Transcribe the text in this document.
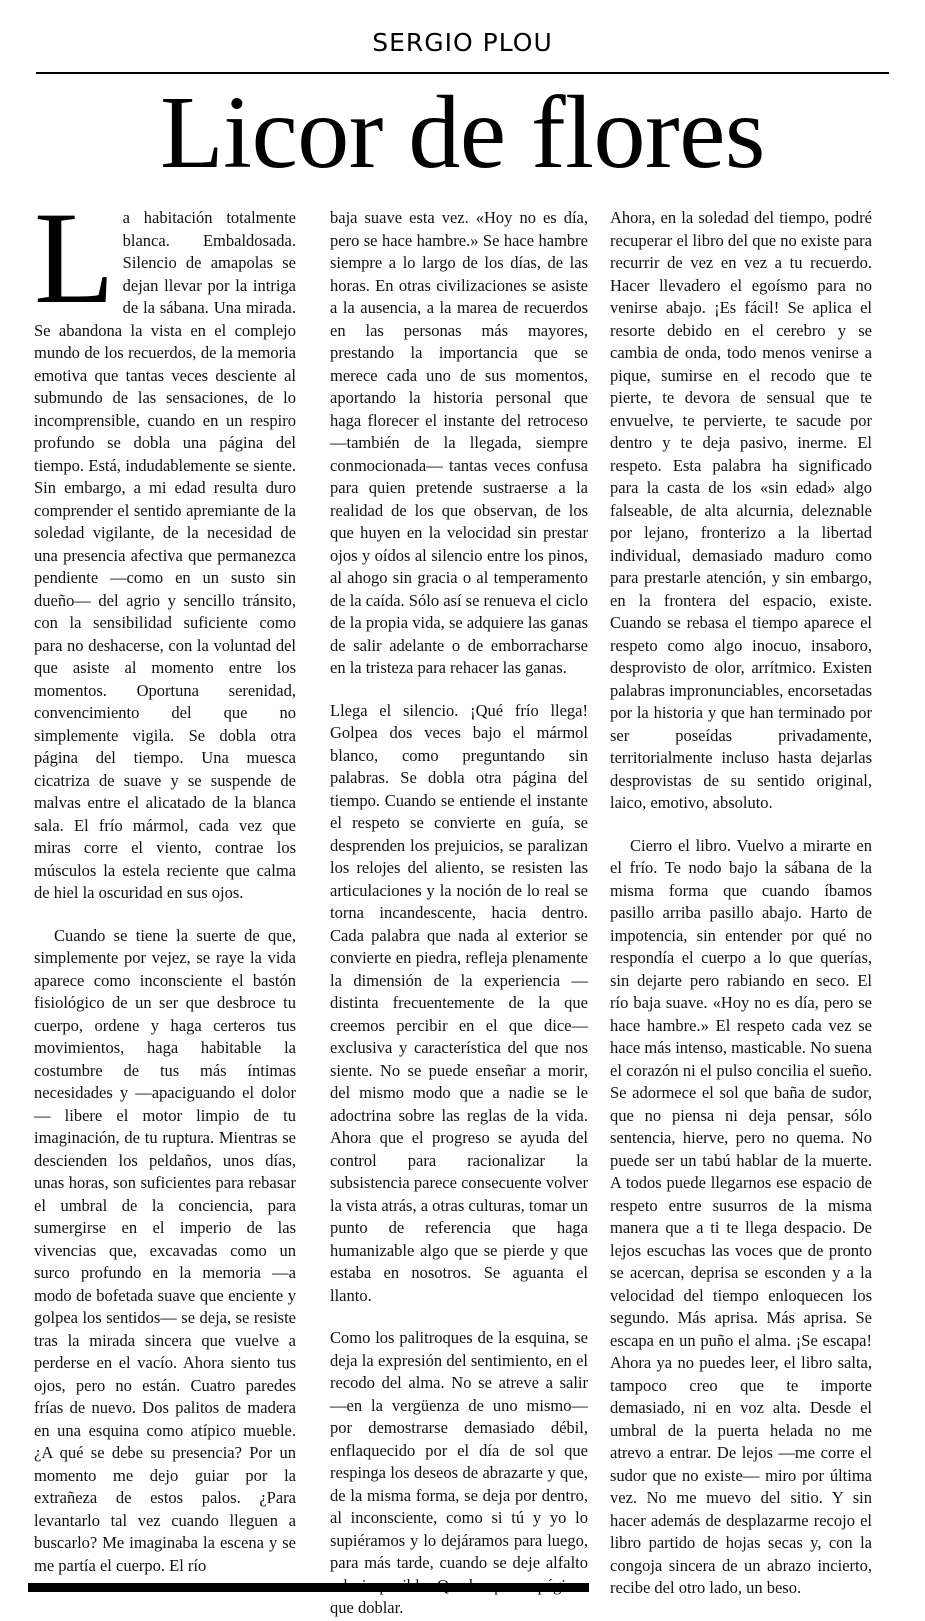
SERGIO PLOU
Licor de flores

La habitación totalmente blanca. Embaldosada. Silencio de amapolas se dejan llevar por la intriga de la sábana. Una mirada. Se abandona la vista en el complejo mundo de los recuerdos, de la memoria emotiva que tantas veces desciente al submundo de las sensaciones, de lo incomprensible, cuando en un respiro profundo se dobla una página del tiempo. Está, indudablemente se siente. Sin embargo, a mi edad resulta duro comprender el sentido apremiante de la soledad vigilante, de la necesidad de una presencia afectiva que permanezca pendiente —como en un susto sin dueño— del agrio y sencillo tránsito, con la sensibilidad suficiente como para no deshacerse, con la voluntad del que asiste al momento entre los momentos. Oportuna serenidad, convencimiento del que no simplemente vigila. Se dobla otra página del tiempo. Una muesca cicatriza de suave y se suspende de malvas entre el alicatado de la blanca sala. El frío mármol, cada vez que miras corre el viento, contrae los músculos la estela reciente que calma de hiel la oscuridad en sus ojos.

Cuando se tiene la suerte de que, simplemente por vejez, se raye la vida aparece como inconsciente el bastón fisiológico de un ser que desbroce tu cuerpo, ordene y haga certeros tus movimientos, haga habitable la costumbre de tus más íntimas necesidades y —apaciguando el dolor— libere el motor limpio de tu imaginación, de tu ruptura. Mientras se descienden los peldaños, unos días, unas horas, son suficientes para rebasar el umbral de la conciencia, para sumergirse en el imperio de las vivencias que, excavadas como un surco profundo en la memoria —a modo de bofetada suave que enciente y golpea los sentidos— se deja, se resiste tras la mirada sincera que vuelve a perderse en el vacío. Ahora siento tus ojos, pero no están. Cuatro paredes frías de nuevo. Dos palitos de madera en una esquina como atípico mueble. ¿A qué se debe su presencia? Por un momento me dejo guiar por la extrañeza de estos palos. ¿Para levantarlo tal vez cuando lleguen a buscarlo? Me imaginaba la escena y se me partía el cuerpo. El río

baja suave esta vez. «Hoy no es día, pero se hace hambre.» Se hace hambre siempre a lo largo de los días, de las horas. En otras civilizaciones se asiste a la ausencia, a la marea de recuerdos en las personas más mayores, prestando la importancia que se merece cada uno de sus momentos, aportando la historia personal que haga florecer el instante del retroceso —también de la llegada, siempre conmocionada— tantas veces confusa para quien pretende sustraerse a la realidad de los que observan, de los que huyen en la velocidad sin prestar ojos y oídos al silencio entre los pinos, al ahogo sin gracia o al temperamento de la caída. Sólo así se renueva el ciclo de la propia vida, se adquiere las ganas de salir adelante o de emborracharse en la tristeza para rehacer las ganas.

Llega el silencio. ¡Qué frío llega! Golpea dos veces bajo el mármol blanco, como preguntando sin palabras. Se dobla otra página del tiempo. Cuando se entiende el instante el respeto se convierte en guía, se desprenden los prejuicios, se paralizan los relojes del aliento, se resisten las articulaciones y la noción de lo real se torna incandescente, hacia dentro. Cada palabra que nada al exterior se convierte en piedra, refleja plenamente la dimensión de la experiencia —distinta frecuentemente de la que creemos percibir en el que dice— exclusiva y característica del que nos siente. No se puede enseñar a morir, del mismo modo que a nadie se le adoctrina sobre las reglas de la vida. Ahora que el progreso se ayuda del control para racionalizar la subsistencia parece consecuente volver la vista atrás, a otras culturas, tomar un punto de referencia que haga humanizable algo que se pierde y que estaba en nosotros. Se aguanta el llanto.

Como los palitroques de la esquina, se deja la expresión del sentimiento, en el recodo del alma. No se atreve a salir —en la vergüenza de uno mismo— por demostrarse demasiado débil, enflaquecido por el día de sol que respinga los deseos de abrazarte y que, de la misma forma, se deja por dentro, al inconsciente, como si tú y yo lo supiéramos y lo dejáramos para luego, para más tarde, cuando se deje alfalto que doblar.

Ahora, en la soledad del tiempo, podré recuperar el libro del que no existe para recurrir de vez en vez a tu recuerdo. Hacer llevadero el egoísmo para no venirse abajo. ¡Es fácil! Se aplica el resorte debido en el cerebro y se cambia de onda, todo menos venirse a pique, sumirse en el recodo que te pierte, te devora de sensual que te envuelve, te pervierte, te sacude por dentro y te deja pasivo, inerme. El respeto. Esta palabra ha significado para la casta de los «sin edad» algo falseable, de alta alcurnia, deleznable por lejano, fronterizo a la libertad individual, demasiado maduro como para prestarle atención, y sin embargo, en la frontera del espacio, existe. Cuando se rebasa el tiempo aparece el respeto como algo inocuo, insaboro, desprovisto de olor, arrítmico. Existen palabras impronunciables, encorsetadas por la historia y que han terminado por ser poseídas privadamente, territorialmente incluso hasta dejarlas desprovistas de su sentido original, laico, emotivo, absoluto.

Cierro el libro. Vuelvo a mirarte en el frío. Te nodo bajo la sábana de la misma forma que cuando íbamos pasillo arriba pasillo abajo. Harto de impotencia, sin entender por qué no respondía el cuerpo a lo que querías, sin dejarte pero rabiando en seco. El río baja suave. «Hoy no es día, pero se hace hambre.» El respeto cada vez se hace más intenso, masticable. No suena el corazón ni el pulso concilia el sueño. Se adormece el sol que baña de sudor, que no piensa ni deja pensar, sólo sentencia, hierve, pero no quema. No puede ser un tabú hablar de la muerte. A todos puede llegarnos ese espacio de respeto entre susurros de la misma manera que a ti te llega despacio. De lejos escuchas las voces que de pronto se acercan, deprisa se esconden y a la velocidad del tiempo enloquecen los segundo. Más aprisa. Más aprisa. Se escapa en un puño el alma. ¡Se escapa! Ahora ya no puedes leer, el libro salta, tampoco creo que te importe demasiado, ni en voz alta. Desde el umbral de la puerta helada no me atrevo a entrar. De lejos —me corre el sudor que no existe— miro por última vez. No me muevo del sitio. Y sin hacer además de desplazarme recojo el libro partido de hojas secas y, con la congoja sincera de un abrazo incierto, recibe del otro lado, un beso.
